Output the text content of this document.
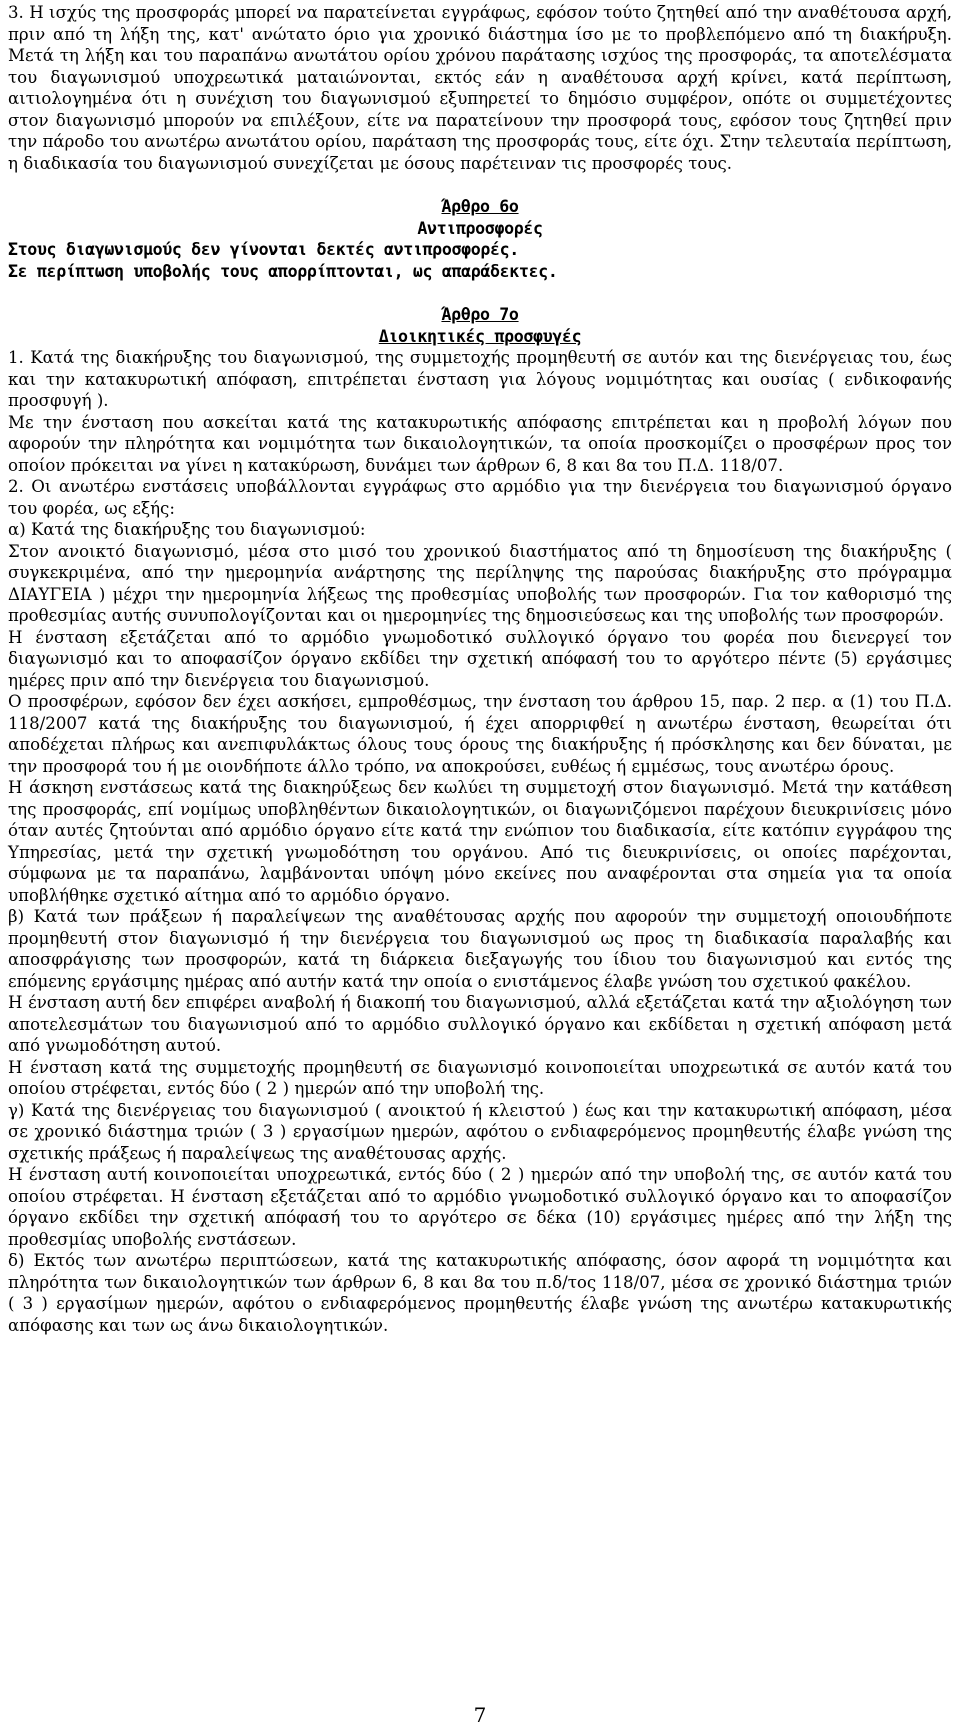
3. Η ισχύς της προσφοράς μπορεί να παρατείνεται εγγράφως, εφόσον τούτο ζητηθεί από την αναθέτουσα αρχή, πριν από τη λήξη της, κατ' ανώτατο όριο για χρονικό διάστημα ίσο με το προβλεπόμενο από τη διακήρυξη. Μετά τη λήξη και του παραπάνω ανωτάτου ορίου χρόνου παράτασης ισχύος της προσφοράς, τα αποτελέσματα του διαγωνισμού υποχρεωτικά ματαιώνονται, εκτός εάν η αναθέτουσα αρχή κρίνει, κατά περίπτωση, αιτιολογημένα ότι η συνέχιση του διαγωνισμού εξυπηρετεί το δημόσιο συμφέρον, οπότε οι συμμετέχοντες στον διαγωνισμό μπορούν να επιλέξουν, είτε να παρατείνουν την προσφορά τους, εφόσον τους ζητηθεί πριν την πάροδο του ανωτέρω ανωτάτου ορίου, παράταση της προσφοράς τους, είτε όχι. Στην τελευταία περίπτωση, η διαδικασία του διαγωνισμού συνεχίζεται με όσους παρέτειναν τις προσφορές τους.

Άρθρο 6ο

Αντιπροσφορές

Στους διαγωνισμούς δεν γίνονται δεκτές αντιπροσφορές.

Σε περίπτωση υποβολής τους απορρίπτονται, ως απαράδεκτες.

Άρθρο 7ο

Διοικητικές προσφυγές

1. Κατά της διακήρυξης του διαγωνισμού, της συμμετοχής προμηθευτή σε αυτόν και της διενέργειας του, έως και την κατακυρωτική απόφαση, επιτρέπεται ένσταση για λόγους νομιμότητας και ουσίας ( ενδικοφανής προσφυγή ).

Με την ένσταση που ασκείται κατά της κατακυρωτικής απόφασης επιτρέπεται και η προβολή λόγων που αφορούν την πληρότητα και νομιμότητα των δικαιολογητικών, τα οποία προσκομίζει ο προσφέρων προς τον οποίον πρόκειται να γίνει η κατακύρωση, δυνάμει των άρθρων 6, 8 και 8α του Π.Δ. 118/07.

2. Οι ανωτέρω ενστάσεις υποβάλλονται εγγράφως στο αρμόδιο για την διενέργεια του διαγωνισμού όργανο του φορέα, ως εξής:

α) Κατά της διακήρυξης του διαγωνισμού:

Στον ανοικτό διαγωνισμό, μέσα στο μισό του χρονικού διαστήματος από τη δημοσίευση της διακήρυξης ( συγκεκριμένα, από την ημερομηνία ανάρτησης της περίληψης της παρούσας διακήρυξης στο πρόγραμμα ΔΙΑΥΓΕΙΑ ) μέχρι την ημερομηνία λήξεως της προθεσμίας υποβολής των προσφορών. Για τον καθορισμό της προθεσμίας αυτής συνυπολογίζονται και οι ημερομηνίες της δημοσιεύσεως και της υποβολής των προσφορών.

Η ένσταση εξετάζεται από το αρμόδιο γνωμοδοτικό συλλογικό όργανο του φορέα που διενεργεί τον διαγωνισμό και το αποφασίζον όργανο εκδίδει την σχετική απόφασή του το αργότερο πέντε (5) εργάσιμες ημέρες πριν από την διενέργεια του διαγωνισμού.

Ο προσφέρων, εφόσον δεν έχει ασκήσει, εμπροθέσμως, την ένσταση του άρθρου 15, παρ. 2 περ. α (1) του Π.Δ. 118/2007 κατά της διακήρυξης του διαγωνισμού, ή έχει απορριφθεί η ανωτέρω ένσταση, θεωρείται ότι αποδέχεται πλήρως και ανεπιφυλάκτως όλους τους όρους της διακήρυξης ή πρόσκλησης και δεν δύναται, με την προσφορά του ή με οιονδήποτε άλλο τρόπο, να αποκρούσει, ευθέως ή εμμέσως, τους ανωτέρω όρους.

Η άσκηση ενστάσεως κατά της διακηρύξεως δεν κωλύει τη συμμετοχή στον διαγωνισμό. Μετά την κατάθεση της προσφοράς, επί νομίμως υποβληθέντων δικαιολογητικών, οι διαγωνιζόμενοι παρέχουν διευκρινίσεις μόνο όταν αυτές ζητούνται από αρμόδιο όργανο είτε κατά την ενώπιον του διαδικασία, είτε κατόπιν εγγράφου της Υπηρεσίας, μετά την σχετική γνωμοδότηση του οργάνου. Από τις διευκρινίσεις, οι οποίες παρέχονται, σύμφωνα με τα παραπάνω, λαμβάνονται υπόψη μόνο εκείνες που αναφέρονται στα σημεία για τα οποία υποβλήθηκε σχετικό αίτημα από το αρμόδιο όργανο.

β) Κατά των πράξεων ή παραλείψεων της αναθέτουσας αρχής που αφορούν την συμμετοχή οποιουδήποτε προμηθευτή στον διαγωνισμό ή την διενέργεια του διαγωνισμού ως προς τη διαδικασία παραλαβής και αποσφράγισης των προσφορών, κατά τη διάρκεια διεξαγωγής του ίδιου του διαγωνισμού και εντός της επόμενης εργάσιμης ημέρας από αυτήν κατά την οποία ο ενιστάμενος έλαβε γνώση του σχετικού φακέλου.

Η ένσταση αυτή δεν επιφέρει αναβολή ή διακοπή του διαγωνισμού, αλλά εξετάζεται κατά την αξιολόγηση των αποτελεσμάτων του διαγωνισμού από το αρμόδιο συλλογικό όργανο και εκδίδεται η σχετική απόφαση μετά από γνωμοδότηση αυτού.

Η ένσταση κατά της συμμετοχής προμηθευτή σε διαγωνισμό κοινοποιείται υποχρεωτικά σε αυτόν κατά του οποίου στρέφεται, εντός δύο ( 2 ) ημερών από την υποβολή της.

γ) Κατά της διενέργειας του διαγωνισμού ( ανοικτού ή κλειστού ) έως και την κατακυρωτική απόφαση, μέσα σε χρονικό διάστημα τριών ( 3 ) εργασίμων ημερών, αφότου ο ενδιαφερόμενος προμηθευτής έλαβε γνώση της σχετικής πράξεως ή παραλείψεως της αναθέτουσας αρχής.

Η ένσταση αυτή κοινοποιείται υποχρεωτικά, εντός δύο ( 2 ) ημερών από την υποβολή της, σε αυτόν κατά του οποίου στρέφεται. Η ένσταση εξετάζεται από το αρμόδιο γνωμοδοτικό συλλογικό όργανο και το αποφασίζον όργανο εκδίδει την σχετική απόφασή του το αργότερο σε δέκα (10) εργάσιμες ημέρες από την λήξη της προθεσμίας υποβολής ενστάσεων.

δ) Εκτός των ανωτέρω περιπτώσεων, κατά της κατακυρωτικής απόφασης, όσον αφορά τη νομιμότητα και πληρότητα των δικαιολογητικών των άρθρων 6, 8 και 8α του π.δ/τος 118/07, μέσα σε χρονικό διάστημα τριών ( 3 ) εργασίμων ημερών, αφότου ο ενδιαφερόμενος προμηθευτής έλαβε γνώση της ανωτέρω κατακυρωτικής απόφασης και των ως άνω δικαιολογητικών.

7
